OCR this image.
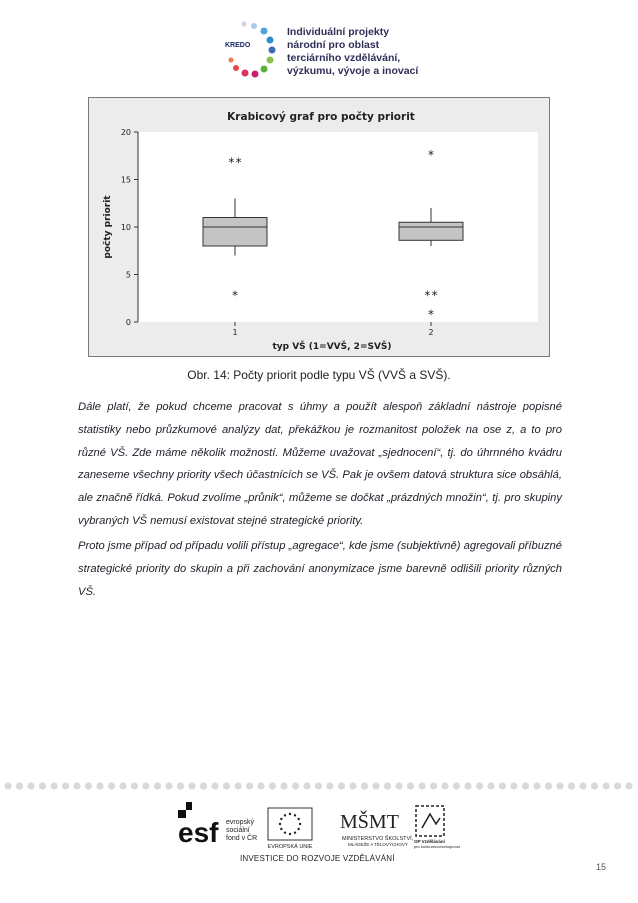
KREDO
Individuální projekty
národní pro oblast
terciárního vzdělávání,
výzkumu, vývoje a inovací
Krabicový graf pro počty priorit
počty priorit
typ VŠ (1=VVŠ, 2=SVŠ)
0
5
10
15
20
1	2
**
*
*
**
*
Obr. 14: Počty priorit podle typu VŠ (VVŠ a SVŠ).
Dále platí, že pokud chceme pracovat s úhmy a použít alespoň základní nástroje popisné statistiky nebo průzkumové analýzy dat, překážkou je rozmanitost položek na ose z, a to pro různé VŠ. Zde máme několik možností. Můžeme uvažovat „sjednocení“, tj. do úhrnného kvádru zaneseme všechny priority všech účastnících se VŠ. Pak je ovšem datová struktura sice obsáhlá, ale značně řídká. Pokud zvolíme „průnik“, můžeme se dočkat „prázdných množin“, tj. pro skupiny vybraných VŠ nemusí existovat stejné strategické priority.
Proto jsme případ od případu volili přístup „agregace“, kde jsme (subjektivně) agregovali příbuzné strategické priority do skupin a při zachování anonymizace jsme barevně odlišili priority různých VŠ.
esf evropský
sociální
fond v ČR
EVROPSKÁ UNIE
MŠMT
MINISTERSTVO ŠKOLSTVÍ,
MLÁDEŽE A TĚLOVÝCHOVY
OP Vzdělávání
pro konkurenceschopnost
INVESTICE DO ROZVOJE VZDĚLÁVÁNÍ
15
